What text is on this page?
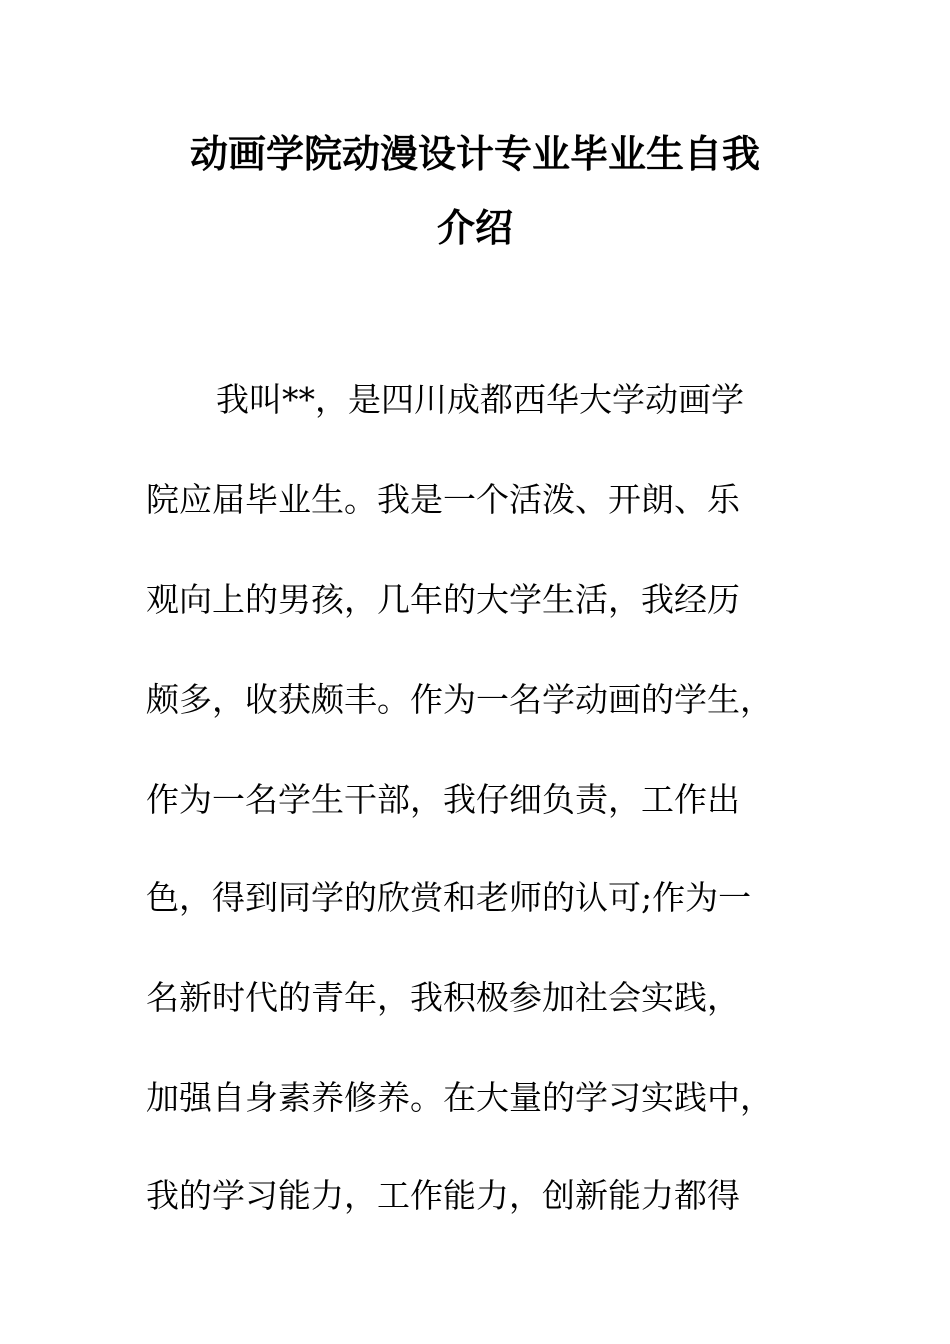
动画学院动漫设计专业毕业生自我
介绍
我叫**，是四川成都西华大学动画学
院应届毕业生。我是一个活泼、开朗、乐
观向上的男孩，几年的大学生活，我经历
颇多，收获颇丰。作为一名学动画的学生，
作为一名学生干部，我仔细负责，工作出
色，得到同学的欣赏和老师的认可;作为一
名新时代的青年，我积极参加社会实践，
加强自身素养修养。在大量的学习实践中，
我的学习能力，工作能力，创新能力都得
